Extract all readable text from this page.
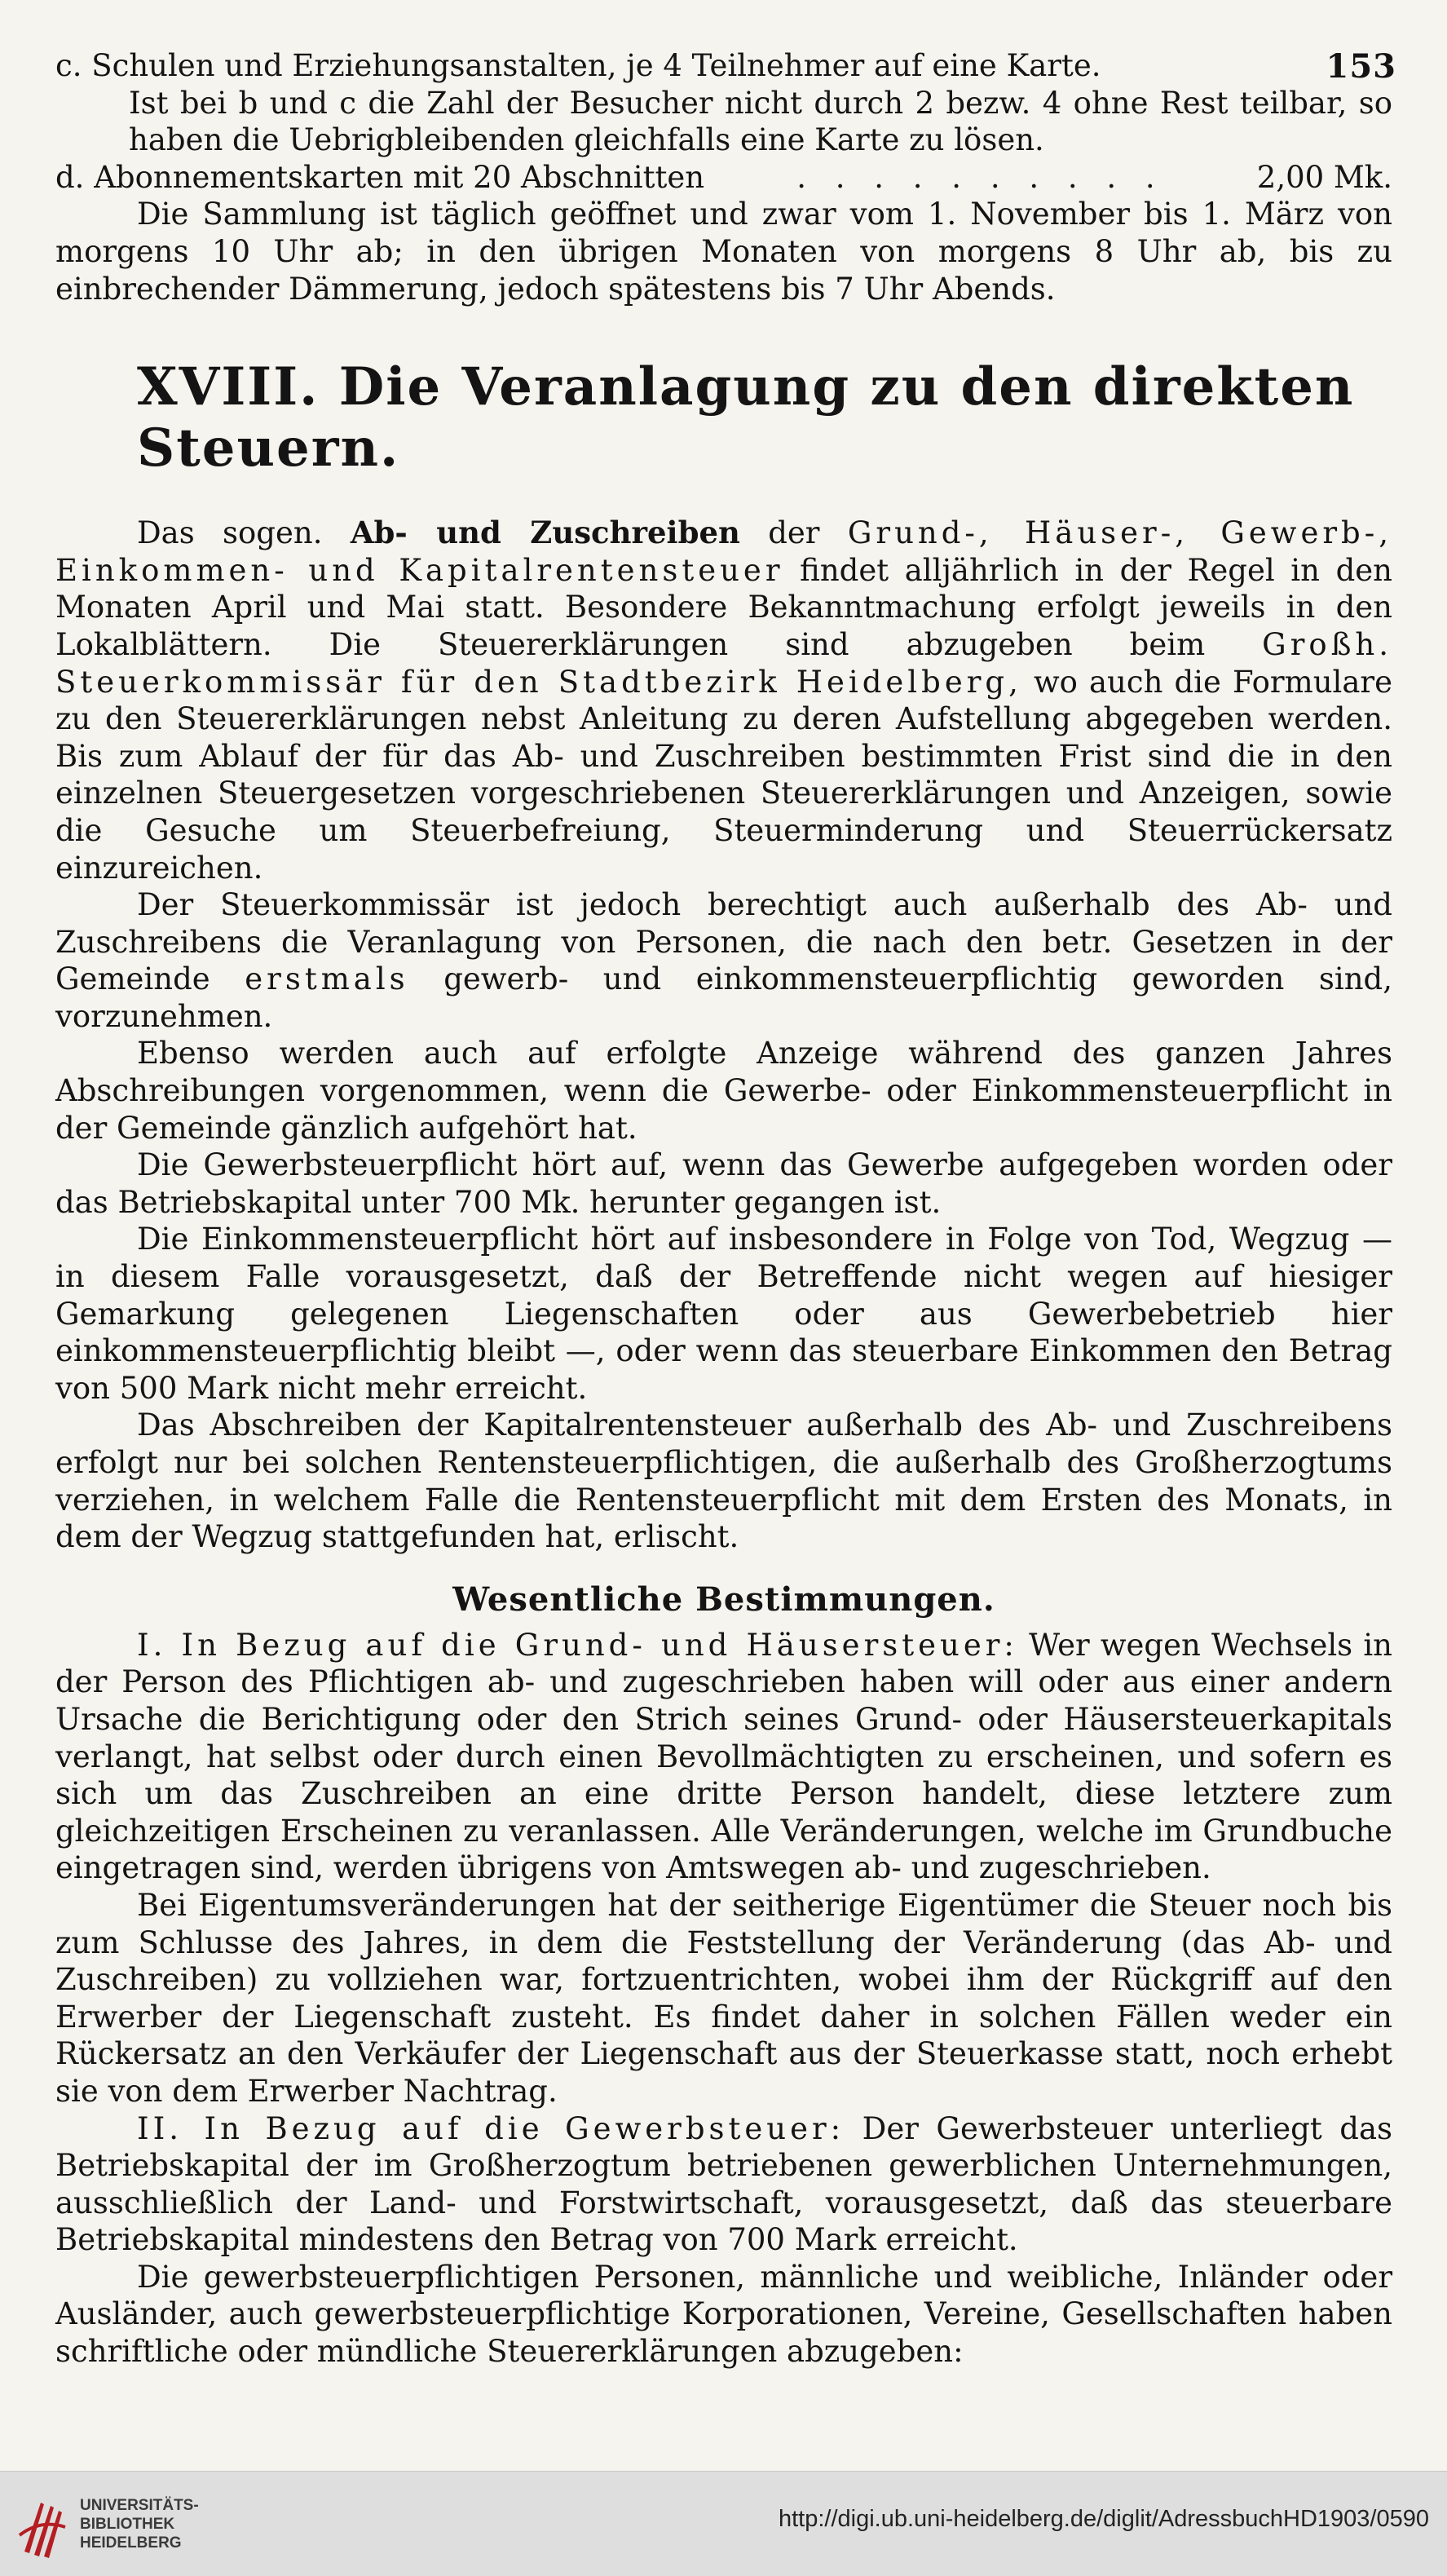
153

c. Schulen und Erziehungsanstalten, je 4 Teilnehmer auf eine Karte.

Ist bei b und c die Zahl der Besucher nicht durch 2 bezw. 4 ohne Rest teilbar, so haben die Uebrigbleibenden gleichfalls eine Karte zu lösen.

d. Abonnementskarten mit 20 Abschnitten	. . . . . . . . . .	2,00 Mk.

Die Sammlung ist täglich geöffnet und zwar vom 1. November bis 1. März von morgens 10 Uhr ab; in den übrigen Monaten von morgens 8 Uhr ab, bis zu einbrechender Dämmerung, jedoch spätestens bis 7 Uhr Abends.

XVIII. Die Veranlagung zu den direkten Steuern.

Das sogen. Ab- und Zuschreiben der Grund-, Häuser-, Gewerb-, Einkommen- und Kapitalrentensteuer findet alljährlich in der Regel in den Monaten April und Mai statt. Besondere Bekanntmachung erfolgt jeweils in den Lokalblättern. Die Steuererklärungen sind abzugeben beim Großh. Steuerkommissär für den Stadtbezirk Heidelberg, wo auch die Formulare zu den Steuererklärungen nebst Anleitung zu deren Aufstellung abgegeben werden. Bis zum Ablauf der für das Ab- und Zuschreiben bestimmten Frist sind die in den einzelnen Steuergesetzen vorgeschriebenen Steuererklärungen und Anzeigen, sowie die Gesuche um Steuerbefreiung, Steuerminderung und Steuerrückersatz einzureichen.

Der Steuerkommissär ist jedoch berechtigt auch außerhalb des Ab- und Zuschreibens die Veranlagung von Personen, die nach den betr. Gesetzen in der Gemeinde erstmals gewerb- und einkommensteuerpflichtig geworden sind, vorzunehmen.

Ebenso werden auch auf erfolgte Anzeige während des ganzen Jahres Abschreibungen vorgenommen, wenn die Gewerbe- oder Einkommensteuerpflicht in der Gemeinde gänzlich aufgehört hat.

Die Gewerbsteuerpflicht hört auf, wenn das Gewerbe aufgegeben worden oder das Betriebskapital unter 700 Mk. herunter gegangen ist.

Die Einkommensteuerpflicht hört auf insbesondere in Folge von Tod, Wegzug — in diesem Falle vorausgesetzt, daß der Betreffende nicht wegen auf hiesiger Gemarkung gelegenen Liegenschaften oder aus Gewerbebetrieb hier einkommensteuerpflichtig bleibt —, oder wenn das steuerbare Einkommen den Betrag von 500 Mark nicht mehr erreicht.

Das Abschreiben der Kapitalrentensteuer außerhalb des Ab- und Zuschreibens erfolgt nur bei solchen Rentensteuerpflichtigen, die außerhalb des Großherzogtums verziehen, in welchem Falle die Rentensteuerpflicht mit dem Ersten des Monats, in dem der Wegzug stattgefunden hat, erlischt.

Wesentliche Bestimmungen.

I. In Bezug auf die Grund- und Häusersteuer: Wer wegen Wechsels in der Person des Pflichtigen ab- und zugeschrieben haben will oder aus einer andern Ursache die Berichtigung oder den Strich seines Grund- oder Häusersteuerkapitals verlangt, hat selbst oder durch einen Bevollmächtigten zu erscheinen, und sofern es sich um das Zuschreiben an eine dritte Person handelt, diese letztere zum gleichzeitigen Erscheinen zu veranlassen. Alle Veränderungen, welche im Grundbuche eingetragen sind, werden übrigens von Amtswegen ab- und zugeschrieben.

Bei Eigentumsveränderungen hat der seitherige Eigentümer die Steuer noch bis zum Schlusse des Jahres, in dem die Feststellung der Veränderung (das Ab- und Zuschreiben) zu vollziehen war, fortzuentrichten, wobei ihm der Rückgriff auf den Erwerber der Liegenschaft zusteht. Es findet daher in solchen Fällen weder ein Rückersatz an den Verkäufer der Liegenschaft aus der Steuerkasse statt, noch erhebt sie von dem Erwerber Nachtrag.

II. In Bezug auf die Gewerbsteuer: Der Gewerbsteuer unterliegt das Betriebskapital der im Großherzogtum betriebenen gewerblichen Unternehmungen, ausschließlich der Land- und Forstwirtschaft, vorausgesetzt, daß das steuerbare Betriebskapital mindestens den Betrag von 700 Mark erreicht.

Die gewerbsteuerpflichtigen Personen, männliche und weibliche, Inländer oder Ausländer, auch gewerbsteuerpflichtige Korporationen, Vereine, Gesellschaften haben schriftliche oder mündliche Steuererklärungen abzugeben:

UNIVERSITÄTS-
BIBLIOTHEK
HEIDELBERG
http://digi.ub.uni-heidelberg.de/diglit/AdressbuchHD1903/0590
